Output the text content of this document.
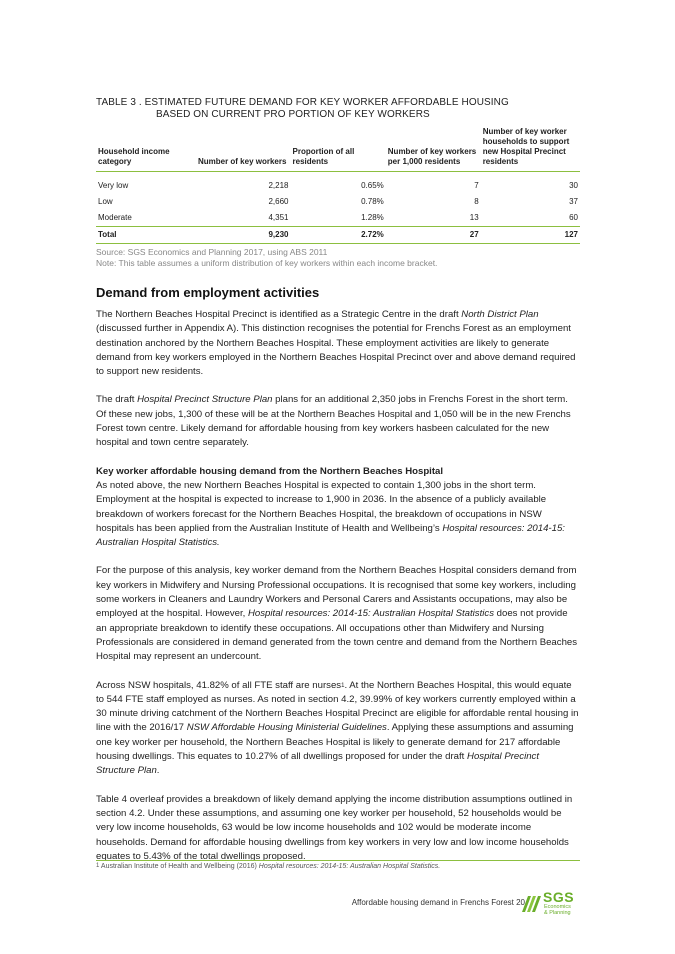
TABLE 3 . ESTIMATED FUTURE DEMAND FOR KEY WORKER AFFORDABLE HOUSING
BASED ON CURRENT PRO PORTION OF KEY WORKERS
Household income category	Number of key workers	Proportion of all residents	Number of key workers per 1,000 residents	Number of key worker households to support new Hospital Precinct residents
Very low	2,218	0.65%	7	30
Low	2,660	0.78%	8	37
Moderate	4,351	1.28%	13	60
Total	9,230	2.72%	27	127
Source: SGS Economics and Planning 2017, using ABS 2011
Note: This table assumes a uniform distribution of key workers within each income bracket.
Demand from employment activities

The Northern Beaches Hospital Precinct is identified as a Strategic Centre in the draft North District Plan (discussed further in Appendix A). This distinction recognises the potential for Frenchs Forest as an employment destination anchored by the Northern Beaches Hospital. These employment activities are likely to generate demand from key workers employed in the Northern Beaches Hospital Precinct over and above demand required to support new residents.

The draft Hospital Precinct Structure Plan plans for an additional 2,350 jobs in Frenchs Forest in the short term. Of these new jobs, 1,300 of these will be at the Northern Beaches Hospital and 1,050 will be in the new Frenchs Forest town centre. Likely demand for affordable housing from key workers hasbeen calculated for the new hospital and town centre separately.

Key worker affordable housing demand from the Northern Beaches Hospital
As noted above, the new Northern Beaches Hospital is expected to contain 1,300 jobs in the short term. Employment at the hospital is expected to increase to 1,900 in 2036. In the absence of a publicly available breakdown of workers forecast for the Northern Beaches Hospital, the breakdown of occupations in NSW hospitals has been applied from the Australian Institute of Health and Wellbeing’s Hospital resources: 2014-15: Australian Hospital Statistics.

For the purpose of this analysis, key worker demand from the Northern Beaches Hospital considers demand from key workers in Midwifery and Nursing Professional occupations. It is recognised that some key workers, including some workers in Cleaners and Laundry Workers and Personal Carers and Assistants occupations, may also be employed at the hospital. However, Hospital resources: 2014-15: Australian Hospital Statistics does not provide an appropriate breakdown to identify these occupations. All occupations other than Midwifery and Nursing Professionals are considered in demand generated from the town centre and demand from the Northern Beaches Hospital may represent an undercount.

Across NSW hospitals, 41.82% of all FTE staff are nurses$^1$. At the Northern Beaches Hospital, this would equate to 544 FTE staff employed as nurses. As noted in section 4.2, 39.99% of key workers currently employed within a 30 minute driving catchment of the Northern Beaches Hospital Precinct are eligible for affordable rental housing in line with the 2016/17 NSW Affordable Housing Ministerial Guidelines. Applying these assumptions and assuming one key worker per household, the Northern Beaches Hospital is likely to generate demand for 217 affordable housing dwellings. This equates to 10.27% of all dwellings proposed for under the draft Hospital Precinct Structure Plan.

Table 4 overleaf provides a breakdown of likely demand applying the income distribution assumptions outlined in section 4.2. Under these assumptions, and assuming one key worker per household, 52 households would be very low income households, 63 would be low income households and 102 would be moderate income households. Demand for affordable housing dwellings from key workers in very low and low income households equates to 5.43% of the total dwellings proposed.

$^1$ Australian Institute of Health and Wellbeing (2016) Hospital resources: 2014-15: Australian Hospital Statistics.
Affordable housing demand in Frenchs Forest 20 SGS
Economics
& Planning
